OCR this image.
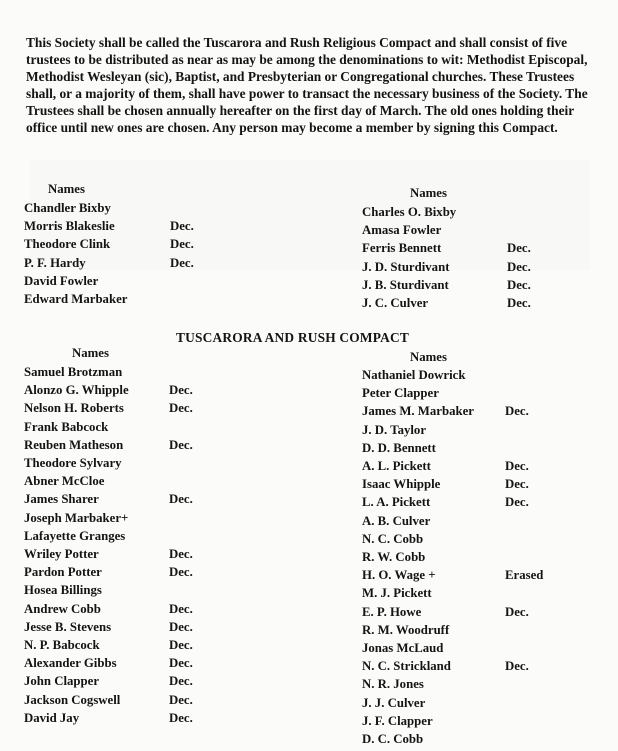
This Society shall be called the Tuscarora and Rush Religious Compact and shall consist of five trustees to be distributed as near as may be among the denominations to wit: Methodist Episcopal, Methodist Wesleyan (sic), Baptist, and Presbyterian or Congregational churches. These Trustees shall, or a majority of them, shall have power to transact the necessary business of the Society. The Trustees shall be chosen annually hereafter on the first day of March. The old ones holding their office until new ones are chosen. Any person may become a member by signing this Compact.

Names	Names
Chandler Bixby
Morris Blakeslie	Dec.
Theodore Clink	Dec.
P. F. Hardy	Dec.
David Fowler
Edward Marbaker
Charles O. Bixby
Amasa Fowler
Ferris Bennett	Dec.
J. D. Sturdivant	Dec.
J. B. Sturdivant	Dec.
J. C. Culver	Dec.
TUSCARORA AND RUSH COMPACT
Names	Names
Samuel Brotzman
Alonzo G. Whipple	Dec.
Nelson H. Roberts	Dec.
Frank Babcock
Reuben Matheson	Dec.
Theodore Sylvary
Abner McCloe
James Sharer	Dec.
Joseph Marbaker+
Lafayette Granges
Wriley Potter	Dec.
Pardon Potter	Dec.
Hosea Billings
Andrew Cobb	Dec.
Jesse B. Stevens	Dec.
N. P. Babcock	Dec.
Alexander Gibbs	Dec.
John Clapper	Dec.
Jackson Cogswell	Dec.
David Jay	Dec.
Nathaniel Dowrick
Peter Clapper
James M. Marbaker Dec.
J. D. Taylor
D. D. Bennett
A. L. Pickett	Dec.
Isaac Whipple	Dec.
L. A. Pickett	Dec.
A. B. Culver
N. C. Cobb
R. W. Cobb
H. O. Wage +	Erased
M. J. Pickett
E. P. Howe	Dec.
R. M. Woodruff
Jonas McLaud
N. C. Strickland	Dec.
N. R. Jones
J. J. Culver
J. F. Clapper
D. C. Cobb
